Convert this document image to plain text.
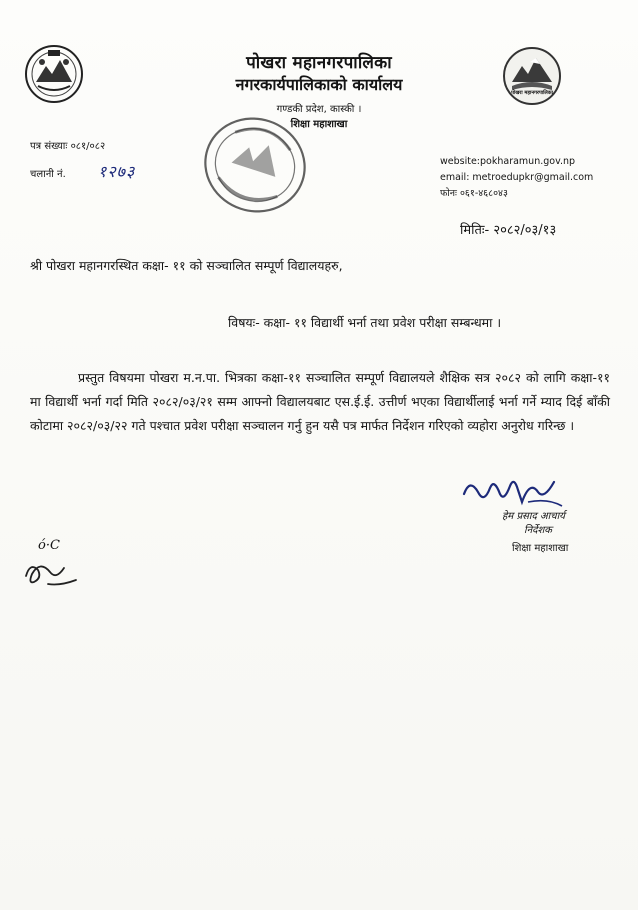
पोखरा महानगरपालिका
पोखरा महानगरपालिका
नगरकार्यपालिकाको कार्यालय
गण्डकी प्रदेश, कास्की ।
शिक्षा महाशाखा
पत्र संख्याः ०८१/०८२
चलानी नं. १२७३
website:pokharamun.gov.np
email: metroedupkr@gmail.com
फोनः ०६१-४६८०४३
मितिः- २०८२/०३/१३
श्री पोखरा महानगरस्थित कक्षा- ११ को सञ्चालित सम्पूर्ण विद्यालयहरु,
विषयः- कक्षा- ११ विद्यार्थी भर्ना तथा प्रवेश परीक्षा सम्बन्धमा ।
प्रस्तुत विषयमा पोखरा म.न.पा. भित्रका कक्षा-११ सञ्चालित सम्पूर्ण विद्यालयले शैक्षिक सत्र २०८२ को लागि कक्षा-११ मा विद्यार्थी भर्ना गर्दा मिति २०८२/०३/२१ सम्म आफ्नो विद्यालयबाट एस.ई.ई. उत्तीर्ण भएका विद्यार्थीलाई भर्ना गर्ने म्याद दिई बाँकी कोटामा २०८२/०३/२२ गते पश्चात प्रवेश परीक्षा सञ्चालन गर्नु हुन यसै पत्र मार्फत निर्देशन गरिएको व्यहोरा अनुरोध गरिन्छ ।
हेम प्रसाद आचार्य
निर्देशक
शिक्षा महाशाखा
ó·C
